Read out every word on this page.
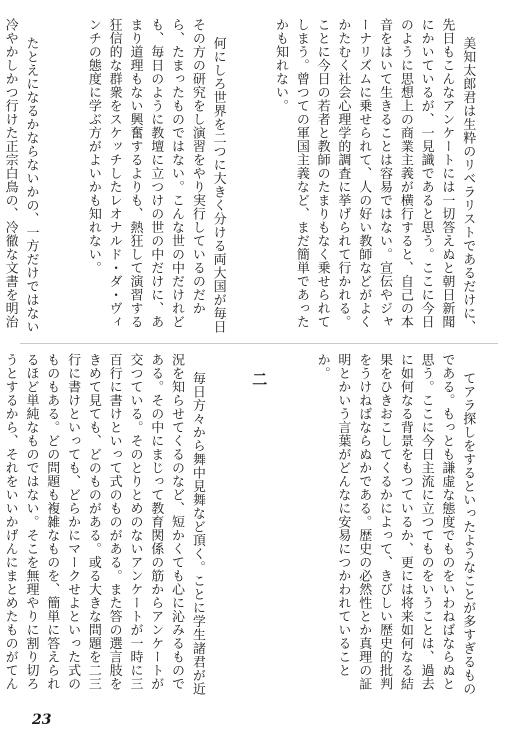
美知太郎君は生粋のリベラリストであるだけに、先日もこんなアンケートには一切答えぬと朝日新聞にかいているが、一見識であると思う。ここに今日のように思想上の商業主義が横行すると、自己の本音をはいて生きることは容易ではない。宣伝やジャーナリズムに乗せられて、人の好い教師などがよくかたむく社会心理学的調査に挙げられて行かれる。ことに今日の若者と教師のたまりもなく乗せられてしまう。曾つての軍国主義など、まだ簡単であったかも知れない。

何にしろ世界を二つに大きく分ける両大国が毎日その方の研究をし演習をやり実行しているのだから、たまったものではない。こんな世の中だけれども、毎日のように教壇に立つけの世の中だけに、あまり道理もない興奮するよりも、熱狂して演習する狂信的な群衆をスケッチしたレオナルド・ダ・ヴィンチの態度に学ぶ方がよいかも知れない。

たとえになるかならないかの、一方だけではない冷やかしかつ行けた正宗白鳥の、冷徹な文書を明治

てアラ探しをするといったようなことが多すぎるものである。もっとも謙虚な態度でものをいわねばならぬと思う。ここに今日主流に立つてものをいうことは、過去に如何なる背景をもつているか、更には将来如何なる結果をひきおこしてくるかによって、きびしい歴史的批判をうけねばならぬかである。歴史の必然性とか真理の証明とかいう言葉がどんなに安易につかわれていることか。

二

毎日方々から舞中見舞など頂く。ことに学生諸君が近況を知らせてくるのなど、短かくても心に沁みるものである。その中にまじって教育関係の筋からアンケートが交つている。そのとりとめのないアンケートが一時に三百行に書けといって式のものがある。また答の選言肢をきめて見ても、どのものがある。或る大きな問題を二三行に書けといっても、どらかにマークせよといった式のものもある。どの問題も複雑なものを、簡単に答えられるほど単純なものではない。そこを無理やりに割り切ろうとするから、それをいいかげんにまとめたものがてん

23
